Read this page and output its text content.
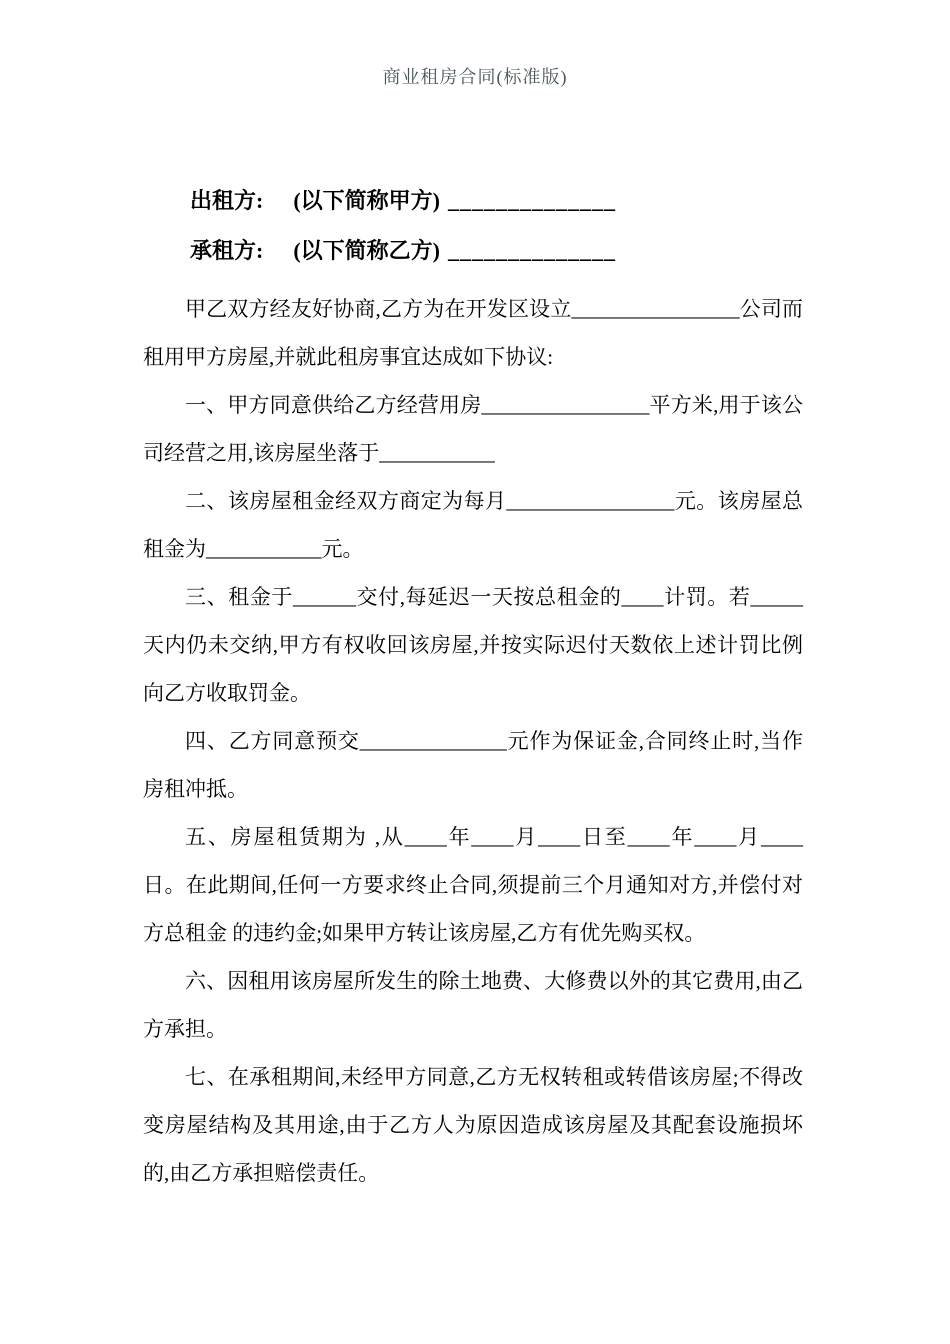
商业租房合同(标准版)
出租方: (以下简称甲方) ______________
承租方: (以下简称乙方) ______________

甲乙双方经友好协商,乙方为在开发区设立________________公司而租用甲方房屋,并就此租房事宜达成如下协议:

一、甲方同意供给乙方经营用房________________平方米,用于该公司经营之用,该房屋坐落于___________

二、该房屋租金经双方商定为每月________________元。该房屋总租金为___________元。

三、租金于______交付,每延迟一天按总租金的____计罚。若_____天内仍未交纳,甲方有权收回该房屋,并按实际迟付天数依上述计罚比例向乙方收取罚金。

四、乙方同意预交______________元作为保证金,合同终止时,当作房租冲抵。

五、房屋租赁期为 ,从____年____月____日至____年____月____日。在此期间,任何一方要求终止合同,须提前三个月通知对方,并偿付对方总租金 的违约金;如果甲方转让该房屋,乙方有优先购买权。

六、因租用该房屋所发生的除土地费、大修费以外的其它费用,由乙方承担。

七、在承租期间,未经甲方同意,乙方无权转租或转借该房屋;不得改变房屋结构及其用途,由于乙方人为原因造成该房屋及其配套设施损坏的,由乙方承担赔偿责任。
